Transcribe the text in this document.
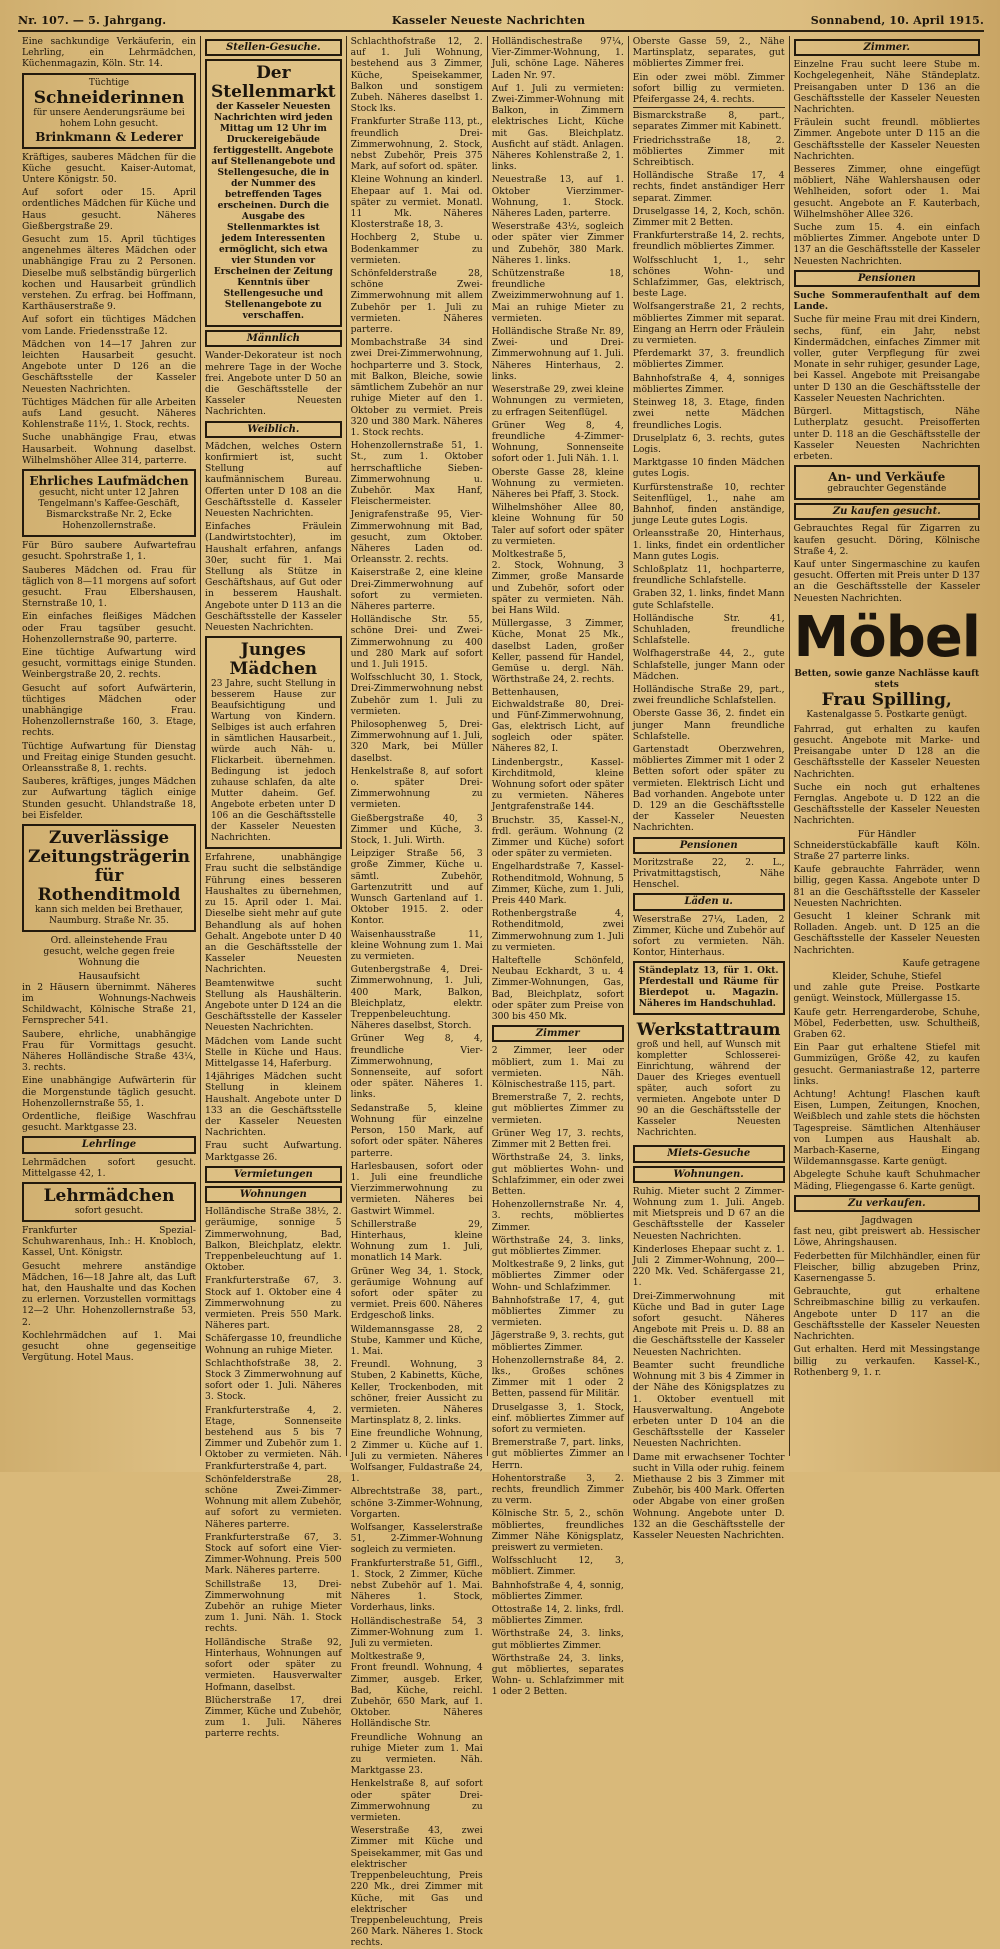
Nr. 107. — 5. Jahrgang.	Kasseler Neueste Nachrichten	Sonnabend, 10. April 1915.

Eine sachkundige Verkäuferin, ein Lehrling, ein Lehrmädchen, Küchenmagazin, Köln. Str. 14.

Tüchtige
Schneiderinnen
für unsere Aenderungsräume bei hohem Lohn gesucht.
Brinkmann & Lederer

Kräftiges, sauberes Mädchen für die Küche gesucht. Kaiser-Automat, Untere Königstr. 50.

Auf sofort oder 15. April ordentliches Mädchen für Küche und Haus gesucht. Näheres Gießbergstraße 29.

Gesucht zum 15. April tüchtiges angenehmes älteres Mädchen oder unabhängige Frau zu 2 Personen. Dieselbe muß selbständig bürgerlich kochen und Hausarbeit gründlich verstehen. Zu erfrag. bei Hoffmann, Karthäuserstraße 9.

Auf sofort ein tüchtiges Mädchen vom Lande. Friedensstraße 12.

Mädchen von 14—17 Jahren zur leichten Hausarbeit gesucht. Angebote unter D 126 an die Geschäftsstelle der Kasseler Neuesten Nachrichten.

Tüchtiges Mädchen für alle Arbeiten aufs Land gesucht. Näheres Kohlenstraße 11½, 1. Stock, rechts.

Suche unabhängige Frau, etwas Hausarbeit. Wohnung daselbst. Wilhelmshöher Allee 314, parterre.

Ehrliches Laufmädchen
gesucht, nicht unter 12 Jahren
Tengelmann's Kaffee-Geschäft, Bismarckstraße Nr. 2, Ecke Hohenzollernstraße.

Für Büro saubere Aufwartefrau gesucht. Spohrstraße 1, 1.

Sauberes Mädchen od. Frau für täglich von 8—11 morgens auf sofort gesucht. Frau Elbershausen, Sternstraße 10, 1.

Ein einfaches fleißiges Mädchen oder Frau tagsüber gesucht. Hohenzollernstraße 90, parterre.

Eine tüchtige Aufwartung wird gesucht, vormittags einige Stunden. Weinbergstraße 20, 2. rechts.

Gesucht auf sofort Aufwärterin, tüchtiges Mädchen oder unabhängige Frau. Hohenzollernstraße 160, 3. Etage, rechts.

Tüchtige Aufwartung für Dienstag und Freitag einige Stunden gesucht. Orleansstraße 8, 1. rechts.

Sauberes, kräftiges, junges Mädchen zur Aufwartung täglich einige Stunden gesucht. Uhlandstraße 18, bei Eisfelder.

Zuverlässige Zeitungsträgerin für Rothenditmold
kann sich melden bei Brethauer, Naumburg. Straße Nr. 35.
Ord. alleinstehende Frau

gesucht, welche gegen freie Wohnung die

Hausaufsicht

in 2 Häusern übernimmt. Näheres im Wohnungs-Nachweis Schildwacht, Kölnische Straße 21, Fernsprecher 541.

Saubere, ehrliche, unabhängige Frau für Vormittags gesucht. Näheres Holländische Straße 43¼, 3. rechts.

Eine unabhängige Aufwärterin für die Morgenstunde täglich gesucht. Hohenzollernstraße 55, 1.

Ordentliche, fleißige Waschfrau gesucht. Marktgasse 23.

Lehrlinge

Lehrmädchen sofort gesucht. Mittelgasse 42, 1.

Lehrmädchen
sofort gesucht.

Frankfurter Spezial-Schuhwarenhaus, Inh.: H. Knobloch, Kassel, Unt. Königstr.

Gesucht mehrere anständige Mädchen, 16—18 Jahre alt, das Luft hat, den Haushalte und das Kochen zu erlernen. Vorzustellen vormittags 12—2 Uhr. Hohenzollernstraße 53, 2.

Kochlehrmädchen auf 1. Mai gesucht ohne gegenseitige Vergütung. Hotel Maus.

Stellen-Gesuche.
Der Stellenmarkt
der Kasseler Neuesten Nachrichten wird jeden Mittag um 12 Uhr im Druckereigebäude fertiggestellt. Angebote auf Stellenangebote und Stellengesuche, die in der Nummer des betreffenden Tages erscheinen. Durch die Ausgabe des Stellenmarktes ist jedem Interessenten ermöglicht, sich etwa vier Stunden vor Erscheinen der Zeitung Kenntnis über Stellengesuche und Stellenangebote zu verschaffen.
Männlich

Wander-Dekorateur ist noch mehrere Tage in der Woche frei. Angebote unter D 50 an die Geschäftsstelle der Kasseler Neuesten Nachrichten.

Weiblich.

Mädchen, welches Ostern konfirmiert ist, sucht Stellung auf kaufmännischem Bureau. Offerten unter D 108 an die Geschäftsstelle d. Kasseler Neuesten Nachrichten.

Einfaches Fräulein (Landwirtstochter), im Haushalt erfahren, anfangs 30er, sucht für 1. Mai Stellung als Stütze in Geschäftshaus, auf Gut oder in besserem Haushalt. Angebote unter D 113 an die Geschäftsstelle der Kasseler Neuesten Nachrichten.

Junges Mädchen
23 Jahre, sucht Stellung in besserem Hause zur Beaufsichtigung und Wartung von Kindern. Selbiges ist auch erfahren in sämtlichen Hausarbeit., würde auch Näh- u. Flickarbeit. übernehmen. Bedingung ist jedoch zuhause schlafen, da alte Mutter daheim. Gef. Angebote erbeten unter D 106 an die Geschäftsstelle der Kasseler Neuesten Nachrichten.

Erfahrene, unabhängige Frau sucht die selbständige Führung eines besseren Haushaltes zu übernehmen, zu 15. April oder 1. Mai. Dieselbe sieht mehr auf gute Behandlung als auf hohen Gehalt. Angebote unter D 40 an die Geschäftsstelle der Kasseler Neuesten Nachrichten.

Beamtenwitwe sucht Stellung als Haushälterin. Angebote unter D 124 an die Geschäftsstelle der Kasseler Neuesten Nachrichten.

Mädchen vom Lande sucht Stelle in Küche und Haus. Mittelgasse 14, Haferburg.

14jähriges Mädchen sucht Stellung in kleinem Haushalt. Angebote unter D 133 an die Geschäftsstelle der Kasseler Neuesten Nachrichten.

Frau sucht Aufwartung. Marktgasse 26.

Vermietungen
Wohnungen

Holländische Straße 38½, 2. geräumige, sonnige 5 Zimmerwohnung, Bad, Balkon, Bleichplatz, elektr. Treppenbeleuchtung auf 1. Oktober.

Frankfurterstraße 67, 3. Stock auf 1. Oktober eine 4 Zimmerwohnung zu vermieten. Preis 550 Mark. Näheres part.

Schäfergasse 10, freundliche Wohnung an ruhige Mieter.

Schlachthofstraße 38, 2. Stock 3 Zimmerwohnung auf sofort oder 1. Juli. Näheres 3. Stock.

Frankfurterstraße 4, 2. Etage, Sonnenseite bestehend aus 5 bis 7 Zimmer und Zubehör zum 1. Oktober zu vermieten. Näh. Frankfurterstraße 4, part.

Schönfelderstraße 28, schöne Zwei-Zimmer-Wohnung mit allem Zubehör, auf sofort zu vermieten. Näheres parterre.

Frankfurterstraße 67, 3. Stock auf sofort eine Vier-Zimmer-Wohnung. Preis 500 Mark. Näheres parterre.

Schillstraße 13, Drei-Zimmerwohnung mit Zubehör an ruhige Mieter zum 1. Juni. Näh. 1. Stock rechts.

Holländische Straße 92, Hinterhaus, Wohnungen auf sofort oder später zu vermieten. Hausverwalter Hofmann, daselbst.

Blücherstraße 17, drei Zimmer, Küche und Zubehör, zum 1. Juli. Näheres parterre rechts.

Schlachthofstraße 12, 2. auf 1. Juli Wohnung, bestehend aus 3 Zimmer, Küche, Speisekammer, Balkon und sonstigem Zubeh. Näheres daselbst 1. Stock lks.

Frankfurter Straße 113, pt., freundlich Drei-Zimmerwohnung, 2. Stock, nebst Zubehör, Preis 375 Mark, auf sofort od. später.

Kleine Wohnung an kinderl. Ehepaar auf 1. Mai od. später zu vermiet. Monatl. 11 Mk. Näheres Klosterstraße 18, 3.

Hochberg 2, Stube u. Bodenkammer zu vermieten.

Schönfelderstraße 28, schöne Zwei-Zimmerwohnung mit allem Zubehör per 1. Juli zu vermieten. Näheres parterre.

Mombachstraße 34 sind zwei Drei-Zimmerwohnung, hochparterre und 3. Stock, mit Balkon, Bleiche, sowie sämtlichem Zubehör an nur ruhige Mieter auf den 1. Oktober zu vermiet. Preis 320 und 380 Mark. Näheres 1. Stock rechts.

Hohenzollernstraße 51, 1. St., zum 1. Oktober herrschaftliche Sieben-Zimmerwohnung u. Zubehör. Max Hanf, Fleischermeister.

Jenigrafenstraße 95, Vier-Zimmerwohnung mit Bad, gesucht, zum Oktober. Näheres Laden od. Orleansstr. 2. rechts.

Kaiserstraße 2, eine kleine Drei-Zimmerwohnung auf sofort zu vermieten. Näheres parterre.

Holländische Str. 55, schöne Drei- und Zwei-Zimmerwohnung zu 400 und 280 Mark auf sofort und 1. Juli 1915.

Wolfsschlucht 30, 1. Stock, Drei-Zimmerwohnung nebst Zubehör zum 1. Juli zu vermieten.

Philosophenweg 5, Drei-Zimmerwohnung auf 1. Juli, 320 Mark, bei Müller daselbst.

Henkelstraße 8, auf sofort o. später Drei-Zimmerwohnung zu vermieten.

Gießbergstraße 40, 3 Zimmer und Küche, 3. Stock, 1. Juli. Wirth.

Leipziger Straße 56, 3 große Zimmer, Küche u. sämtl. Zubehör, Gartenzutritt und auf Wunsch Gartenland auf 1. Oktober 1915. 2. oder Kontor.

Waisenhausstraße 11, kleine Wohnung zum 1. Mai zu vermieten.

Gutenbergstraße 4, Drei-Zimmerwohnung, 1. Juli, 400 Mark, Balkon, Bleichplatz, elektr. Treppenbeleuchtung. Näheres daselbst, Storch.

Grüner Weg 8, 4, freundliche Vier-Zimmerwohnung, Sonnenseite, auf sofort oder später. Näheres 1. links.

Sedanstraße 5, kleine Wohnung für einzelne Person, 150 Mark, auf sofort oder später. Näheres parterre.

Harlesbausen, sofort oder 1. Juli eine freundliche Vierzimmerwohnung zu vermieten. Näheres bei Gastwirt Wimmel.

Schillerstraße 29, Hinterhaus, kleine Wohnung zum 1. Juli, monatlich 14 Mark.

Grüner Weg 34, 1. Stock, geräumige Wohnung auf sofort oder später zu vermiet. Preis 600. Näheres Erdgeschoß links.

Wildemannsgasse 28, 2 Stube, Kammer und Küche, 1. Mai.

Freundl. Wohnung, 3 Stuben, 2 Kabinetts, Küche, Keller, Trockenboden, mit schöner, freier Aussicht zu vermieten. Näheres Martinsplatz 8, 2. links.

Eine freundliche Wohnung, 2 Zimmer u. Küche auf 1. Juli zu vermieten. Näheres Wolfsanger, Fuldastraße 24, 1.

Albrechtstraße 38, part., schöne 3-Zimmer-Wohnung, Vorgarten.

Wolfsanger, Kasselerstraße 51, 2-Zimmer-Wohnung sogleich zu vermieten.

Frankfurterstraße 51, Giffl., 1. Stock, 2 Zimmer, Küche nebst Zubehör auf 1. Mai. Näheres 1. Stock, Vorderhaus, links.

Holländischestraße 54, 3 Zimmer-Wohnung zum 1. Juli zu vermieten.

Moltkestraße 9,

Front freundl. Wohnung, 4 Zimmer, ausgeb. Erker, Bad, Küche, reichl. Zubehör, 650 Mark, auf 1. Oktober. Näheres Holländische Str.

Freundliche Wohnung an ruhige Mieter zum 1. Mai zu vermieten. Näh. Marktgasse 23.

Henkelstraße 8, auf sofort oder später Drei-Zimmerwohnung zu vermieten.

Weserstraße 43, zwei Zimmer mit Küche und Speisekammer, mit Gas und elektrischer Treppenbeleuchtung, Preis 220 Mk., drei Zimmer mit Küche, mit Gas und elektrischer Treppenbeleuchtung, Preis 260 Mark. Näheres 1. Stock rechts.

Holländischestraße 97¼, Vier-Zimmer-Wohnung, 1. Juli, schöne Lage. Näheres Laden Nr. 97.

Auf 1. Juli zu vermieten: Zwei-Zimmer-Wohnung mit Balkon, in Zimmern elektrisches Licht, Küche mit Gas. Bleichplatz. Ausficht auf städt. Anlagen. Näheres Kohlenstraße 2, 1. links.

Neuestraße 13, auf 1. Oktober Vierzimmer-Wohnung, 1. Stock. Näheres Laden, parterre.

Weserstraße 43½, sogleich oder später vier Zimmer und Zubehör, 380 Mark. Näheres 1. links.

Schützenstraße 18, freundliche Zweizimmerwohnung auf 1. Mai an ruhige Mieter zu vermieten.

Holländische Straße Nr. 89, Zwei- und Drei-Zimmerwohnung auf 1. Juli. Näheres Hinterhaus, 2. links.

Weserstraße 29, zwei kleine Wohnungen zu vermieten, zu erfragen Seitenflügel.

Grüner Weg 8, 4, freundliche 4-Zimmer-Wohnung, Sonnenseite sofort oder 1. Juli Näh. 1. l.

Oberste Gasse 28, kleine Wohnung zu vermieten. Näheres bei Pfaff, 3. Stock.

Wilhelmshöher Allee 80, kleine Wohnung für 50 Taler auf sofort oder später zu vermieten.

Moltkestraße 5,

2. Stock, Wohnung, 3 Zimmer, große Mansarde und Zubehör, sofort oder später zu vermieten. Näh. bei Hans Wild.

Müllergasse, 3 Zimmer, Küche, Monat 25 Mk., daselbst Laden, großer Keller, passend für Handel, Gemüse u. dergl. Näh. Wörthstraße 24, 2. rechts.

Bettenhausen, Eichwaldstraße 80, Drei- und Fünf-Zimmerwohnung, Gas, elektrisch Licht, auf sogleich oder später. Näheres 82, I.

Lindenbergstr., Kassel-Kirchditmold, kleine Wohnung sofort oder später zu vermieten. Näheres Jentgrafenstraße 144.

Bruchstr. 35, Kassel-N., frdl. geräum. Wohnung (2 Zimmer und Küche) sofort oder später zu vermieten.

Engelhardstraße 7, Kassel-Rothenditmold, Wohnung, 5 Zimmer, Küche, zum 1. Juli, Preis 440 Mark.

Rothenbergstraße 4, Rothenditmold, zwei Zimmerwohnung zum 1. Juli zu vermieten.

Halteftelle Schönfeld, Neubau Eckhardt, 3 u. 4 Zimmer-Wohnungen, Gas, Bad, Bleichplatz, sofort oder später zum Preise von 300 bis 450 Mk.

Zimmer

2 Zimmer, leer oder möbliert, zum 1. Mai zu vermieten. Näh. Kölnischestraße 115, part.

Bremerstraße 7, 2. rechts, gut möbliertes Zimmer zu vermieten.

Grüner Weg 17, 3. rechts, Zimmer mit 2 Betten frei.

Wörthstraße 24, 3. links, gut möbliertes Wohn- und Schlafzimmer, ein oder zwei Betten.

Hohenzollernstraße Nr. 4, 3. rechts, möbliertes Zimmer.

Wörthstraße 24, 3. links, gut möbliertes Zimmer.

Moltkestraße 9, 2 links, gut möbliertes Zimmer oder Wohn- und Schlafzimmer.

Bahnhofstraße 17, 4, gut möbliertes Zimmer zu vermieten.

Jägerstraße 9, 3. rechts, gut möbliertes Zimmer.

Hohenzollernstraße 84, 2. lks., Großes schönes Zimmer mit 1 oder 2 Betten, passend für Militär.

Druselgasse 3, 1. Stock, einf. möbliertes Zimmer auf sofort zu vermieten.

Bremerstraße 7, part. links, gut möbliertes Zimmer an Herrn.

Hohentorstraße 3, 2. rechts, freundlich Zimmer zu verm.

Kölnische Str. 5, 2., schön möbliertes, freundliches Zimmer Nähe Königsplatz, preiswert zu vermieten.

Wolfsschlucht 12, 3, möbliert. Zimmer.

Bahnhofstraße 4, 4, sonnig, möbliertes Zimmer.

Ottostraße 14, 2. links, frdl. möbliertes Zimmer.

Wörthstraße 24, 3. links, gut möbliertes Zimmer.

Wörthstraße 24, 3. links, gut möbliertes, separates Wohn- u. Schlafzimmer mit 1 oder 2 Betten.

Oberste Gasse 59, 2., Nähe Martinsplatz, separates, gut möbliertes Zimmer frei.

Ein oder zwei möbl. Zimmer sofort billig zu vermieten. Pfeifergasse 24, 4. rechts.

Bismarckstraße 8, part., separates Zimmer mit Kabinett.

Friedrichsstraße 18, 2. möbliertes Zimmer mit Schreibtisch.

Holländische Straße 17, 4 rechts, findet anständiger Herr separat. Zimmer.

Druselgasse 14, 2, Koch, schön. Zimmer mit 2 Betten.

Frankfurterstraße 14, 2. rechts, freundlich möbliertes Zimmer.

Wolfsschlucht 1, 1., sehr schönes Wohn- und Schlafzimmer, Gas, elektrisch, beste Lage.

Wolfsangerstraße 21, 2 rechts, möbliertes Zimmer mit separat. Eingang an Herrn oder Fräulein zu vermieten.

Pferdemarkt 37, 3. freundlich möbliertes Zimmer.

Bahnhofstraße 4, 4, sonniges möbliertes Zimmer.

Steinweg 18, 3. Etage, finden zwei nette Mädchen freundliches Logis.

Druselplatz 6, 3. rechts, gutes Logis.

Marktgasse 10 finden Mädchen gutes Logis.

Kurfürstenstraße 10, rechter Seitenflügel, 1., nahe am Bahnhof, finden anständige, junge Leute gutes Logis.

Orleansstraße 20, Hinterhaus, 1. links, findet ein ordentlicher Mann gutes Logis.

Schloßplatz 11, hochparterre, freundliche Schlafstelle.

Graben 32, 1. links, findet Mann gute Schlafstelle.

Holländische Str. 41, Schuhladen, freundliche Schlafstelle.

Wolfhagerstraße 44, 2., gute Schlafstelle, junger Mann oder Mädchen.

Holländische Straße 29, part., zwei freundliche Schlafstellen.

Oberste Gasse 36, 2. findet ein junger Mann freundliche Schlafstelle.

Gartenstadt Oberzwehren, möbliertes Zimmer mit 1 oder 2 Betten sofort oder später zu vermieten. Elektrisch Licht und Bad vorhanden. Angebote unter D. 129 an die Geschäftsstelle der Kasseler Neuesten Nachrichten.

Pensionen

Moritzstraße 22, 2. L., Privatmittagstisch, Nähe Henschel.

Läden u.

Weserstraße 27¼, Laden, 2 Zimmer, Küche und Zubehör auf sofort zu vermieten. Näh. Kontor, Hinterhaus.

Ständeplatz 13, für 1. Okt. Pferdestall und Räume für Bierdepot u. Magazin. Näheres im Handschuhlad.
Werkstattraum
groß und hell, auf Wunsch mit kompletter Schlosserei-Einrichtung, während der Dauer des Krieges eventuell später, auch sofort zu vermieten. Angebote unter D 90 an die Geschäftsstelle der Kasseler Neuesten Nachrichten.
Miets-Gesuche
Wohnungen.

Ruhig. Mieter sucht 2 Zimmer-Wohnung zum 1. Juli. Angeb. mit Mietspreis und D 67 an die Geschäftsstelle der Kasseler Neuesten Nachrichten.

Kinderloses Ehepaar sucht z. 1. Juli 2 Zimmer-Wohnung, 200—220 Mk. Ved. Schäfergasse 21, 1.

Drei-Zimmerwohnung mit Küche und Bad in guter Lage sofort gesucht. Näheres Angebote mit Preis u. D. 88 an die Geschäftsstelle der Kasseler Neuesten Nachrichten.

Beamter sucht freundliche Wohnung mit 3 bis 4 Zimmer in der Nähe des Königsplatzes zu 1. Oktober eventuell mit Hausverwaltung. Angebote erbeten unter D 104 an die Geschäftsstelle der Kasseler Neuesten Nachrichten.

Dame mit erwachsener Tochter sucht in Villa oder ruhig. feinem Miethause 2 bis 3 Zimmer mit Zubehör, bis 400 Mark. Offerten oder Abgabe von einer großen Wohnung. Angebote unter D. 132 an die Geschäftsstelle der Kasseler Neuesten Nachrichten.

Zimmer.

Einzelne Frau sucht leere Stube m. Kochgelegenheit, Nähe Ständeplatz. Preisangaben unter D 136 an die Geschäftsstelle der Kasseler Neuesten Nachrichten.

Fräulein sucht freundl. möbliertes Zimmer. Angebote unter D 115 an die Geschäftsstelle der Kasseler Neuesten Nachrichten.

Besseres Zimmer, ohne eingefügt möbliert, Nähe Wahlershausen oder Wehlheiden, sofort oder 1. Mai gesucht. Angebote an F. Kauterbach, Wilhelmshöher Allee 326.

Suche zum 15. 4. ein einfach möbliertes Zimmer. Angebote unter D 137 an die Geschäftsstelle der Kasseler Neuesten Nachrichten.

Pensionen

Suche Sommeraufenthalt auf dem Lande.

Suche für meine Frau mit drei Kindern, sechs, fünf, ein Jahr, nebst Kindermädchen, einfaches Zimmer mit voller, guter Verpflegung für zwei Monate in sehr ruhiger, gesunder Lage, bei Kassel. Angebote mit Preisangabe unter D 130 an die Geschäftsstelle der Kasseler Neuesten Nachrichten.

Bürgerl. Mittagstisch, Nähe Lutherplatz gesucht. Preisofferten unter D. 118 an die Geschäftsstelle der Kasseler Neuesten Nachrichten erbeten.

An- und Verkäufe
gebrauchter Gegenstände
Zu kaufen gesucht.

Gebrauchtes Regal für Zigarren zu kaufen gesucht. Döring, Kölnische Straße 4, 2.

Kauf unter Singermaschine zu kaufen gesucht. Offerten mit Preis unter D 137 an die Geschäftsstelle der Kasseler Neuesten Nachrichten.

Möbel
Betten, sowie ganze Nachlässe kauft stets
Frau Spilling,
Kastenalgasse 5. Postkarte genügt.

Fahrrad, gut erhalten zu kaufen gesucht. Angebote mit Marke- und Preisangabe unter D 128 an die Geschäftsstelle der Kasseler Neuesten Nachrichten.

Suche ein noch gut erhaltenes Fernglas. Angebote u. D 122 an die Geschäftsstelle der Kasseler Neuesten Nachrichten.

Für Händler

Schneiderstückabfälle kauft Köln. Straße 27 parterre links.

Kaufe gebrauchte Fahrräder, wenn billig, gegen Kassa. Angebote unter D 81 an die Geschäftsstelle der Kasseler Neuesten Nachrichten.

Gesucht 1 kleiner Schrank mit Rolladen. Angeb. unt. D 125 an die Geschäftsstelle der Kasseler Neuesten Nachrichten.

Kaufe getragene

Kleider, Schuhe, Stiefel

und zahle gute Preise. Postkarte genügt. Weinstock, Müllergasse 15.

Kaufe getr. Herrengarderobe, Schuhe, Möbel, Federbetten, usw. Schultheiß, Graben 62.

Ein Paar gut erhaltene Stiefel mit Gummizügen, Größe 42, zu kaufen gesucht. Germaniastraße 12, parterre links.

Achtung! Achtung! Flaschen kauft Eisen, Lumpen, Zeitungen, Knochen, Weißblech und zahle stets die höchsten Tagespreise. Sämtlichen Altenhäuser von Lumpen aus Haushalt ab. Marbach-Kaserne, Eingang Wildemannsgasse. Karte genügt.

Abgelegte Schuhe kauft Schuhmacher Mäding, Fliegengasse 6. Karte genügt.

Zu verkaufen.
Jagdwagen

fast neu, gibt preiswert ab. Hessischer Löwe, Ahringshausen.

Federbetten für Milchhändler, einen für Fleischer, billig abzugeben Prinz, Kasernengasse 5.

Gebrauchte, gut erhaltene Schreibmaschine billig zu verkaufen. Angebote unter D 117 an die Geschäftsstelle der Kasseler Neuesten Nachrichten.

Gut erhalten. Herd mit Messingstange billig zu verkaufen. Kassel-K., Rothenberg 9, 1. r.
